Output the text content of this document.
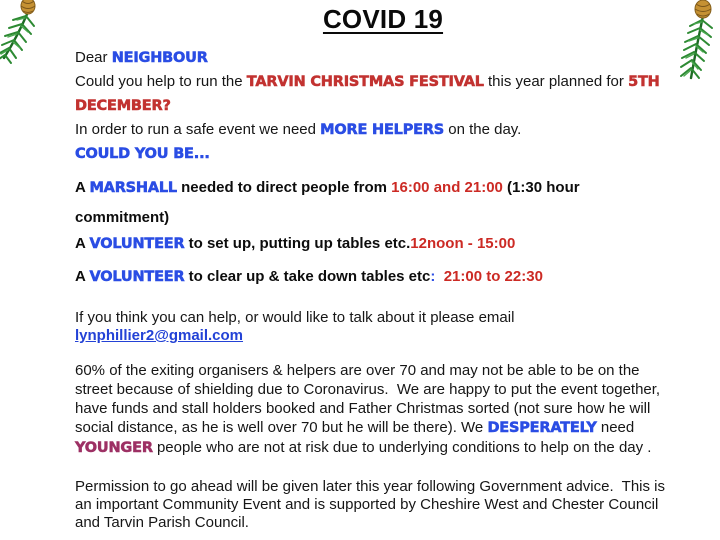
COVID 19

Dear NEIGHBOUR

Could you help to run the TARVIN CHRISTMAS FESTIVAL this year planned for 5TH
DECEMBER?

In order to run a safe event we need MORE HELPERS on the day.

COULD YOU BE...

A MARSHALL needed to direct people from 16:00 and 21:00 (1:30 hour
commitment)

A VOLUNTEER to set up, putting up tables etc.12noon - 15:00

A VOLUNTEER to clear up & take down tables etc: 21:00 to 22:30

If you think you can help, or would like to talk about it please email
lynphillier2@gmail.com

60% of the exiting organisers & helpers are over 70 and may not be able to be on the
street because of shielding due to Coronavirus.  We are happy to put the event together,
have funds and stall holders booked and Father Christmas sorted (not sure how he will
social distance, as he is well over 70 but he will be there). We DESPERATELY need
YOUNGER people who are not at risk due to underlying conditions to help on the day .

Permission to go ahead will be given later this year following Government advice.  This is
an important Community Event and is supported by Cheshire West and Chester Council
and Tarvin Parish Council.
